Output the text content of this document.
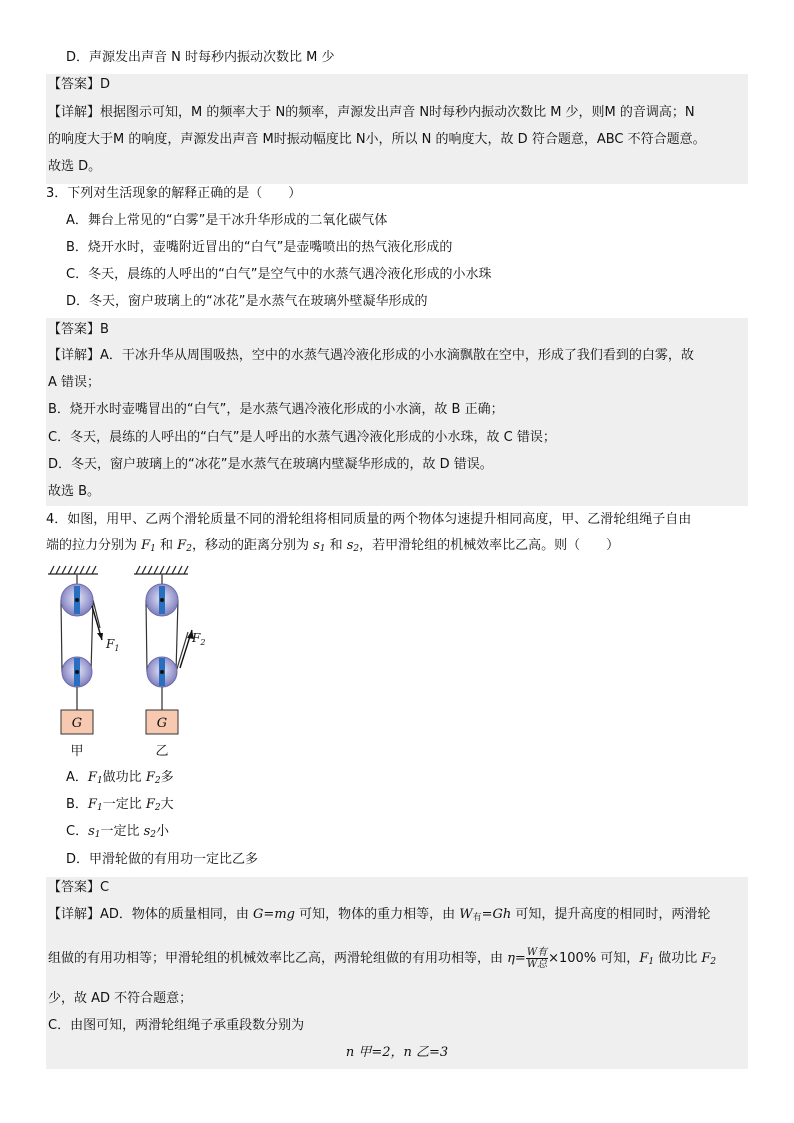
D．声源发出声音 N 时每秒内振动次数比 M 少
【答案】D
【详解】根据图示可知，M 的频率大于 N的频率，声源发出声音 N时每秒内振动次数比 M 少，则M 的音调高；N
的响度大于M 的响度，声源发出声音 M时振动幅度比 N小，所以 N 的响度大，故 D 符合题意，ABC 不符合题意。
故选 D。
3．下列对生活现象的解释正确的是（　　）
A．舞台上常见的“白雾”是干冰升华形成的二氧化碳气体
B．烧开水时，壶嘴附近冒出的“白气”是壶嘴喷出的热气液化形成的
C．冬天，晨练的人呼出的“白气”是空气中的水蒸气遇冷液化形成的小水珠
D．冬天，窗户玻璃上的“冰花”是水蒸气在玻璃外壁凝华形成的
【答案】B
【详解】A．干冰升华从周围吸热，空中的水蒸气遇冷液化形成的小水滴飘散在空中，形成了我们看到的白雾，故
A 错误；
B．烧开水时壶嘴冒出的“白气”，是水蒸气遇冷液化形成的小水滴，故 B 正确；
C．冬天，晨练的人呼出的“白气”是人呼出的水蒸气遇冷液化形成的小水珠，故 C 错误；
D．冬天，窗户玻璃上的“冰花”是水蒸气在玻璃内壁凝华形成的，故 D 错误。
故选 B。
4．如图，用甲、乙两个滑轮质量不同的滑轮组将相同质量的两个物体匀速提升相同高度，甲、乙滑轮组绳子自由
端的拉力分别为 $F_1$ 和 $F_2$，移动的距离分别为 $s_1$ 和 $s_2$，若甲滑轮组的机械效率比乙高。则（　　）
G
$F_1$
甲
G
$F_2$
乙
A．$F_1$做功比 $F_2$多
B．$F_1$一定比 $F_2$大
C．$s_1$一定比 $s_2$小
D．甲滑轮做的有用功一定比乙多
【答案】C
【详解】AD．物体的质量相同，由 G=mg 可知，物体的重力相等，由 $W_有=Gh$ 可知，提升高度的相同时，两滑轮
组做的有用功相等；甲滑轮组的机械效率比乙高，两滑轮组做的有用功相等，由 $\eta= \frac{\text{W有}}{\text{W总}} \times 100\%$ 可知，$F_1$ 做功比 $F_2$
少，故 AD 不符合题意；
C．由图可知，两滑轮组绳子承重段数分别为
n 甲=2，n 乙=3
